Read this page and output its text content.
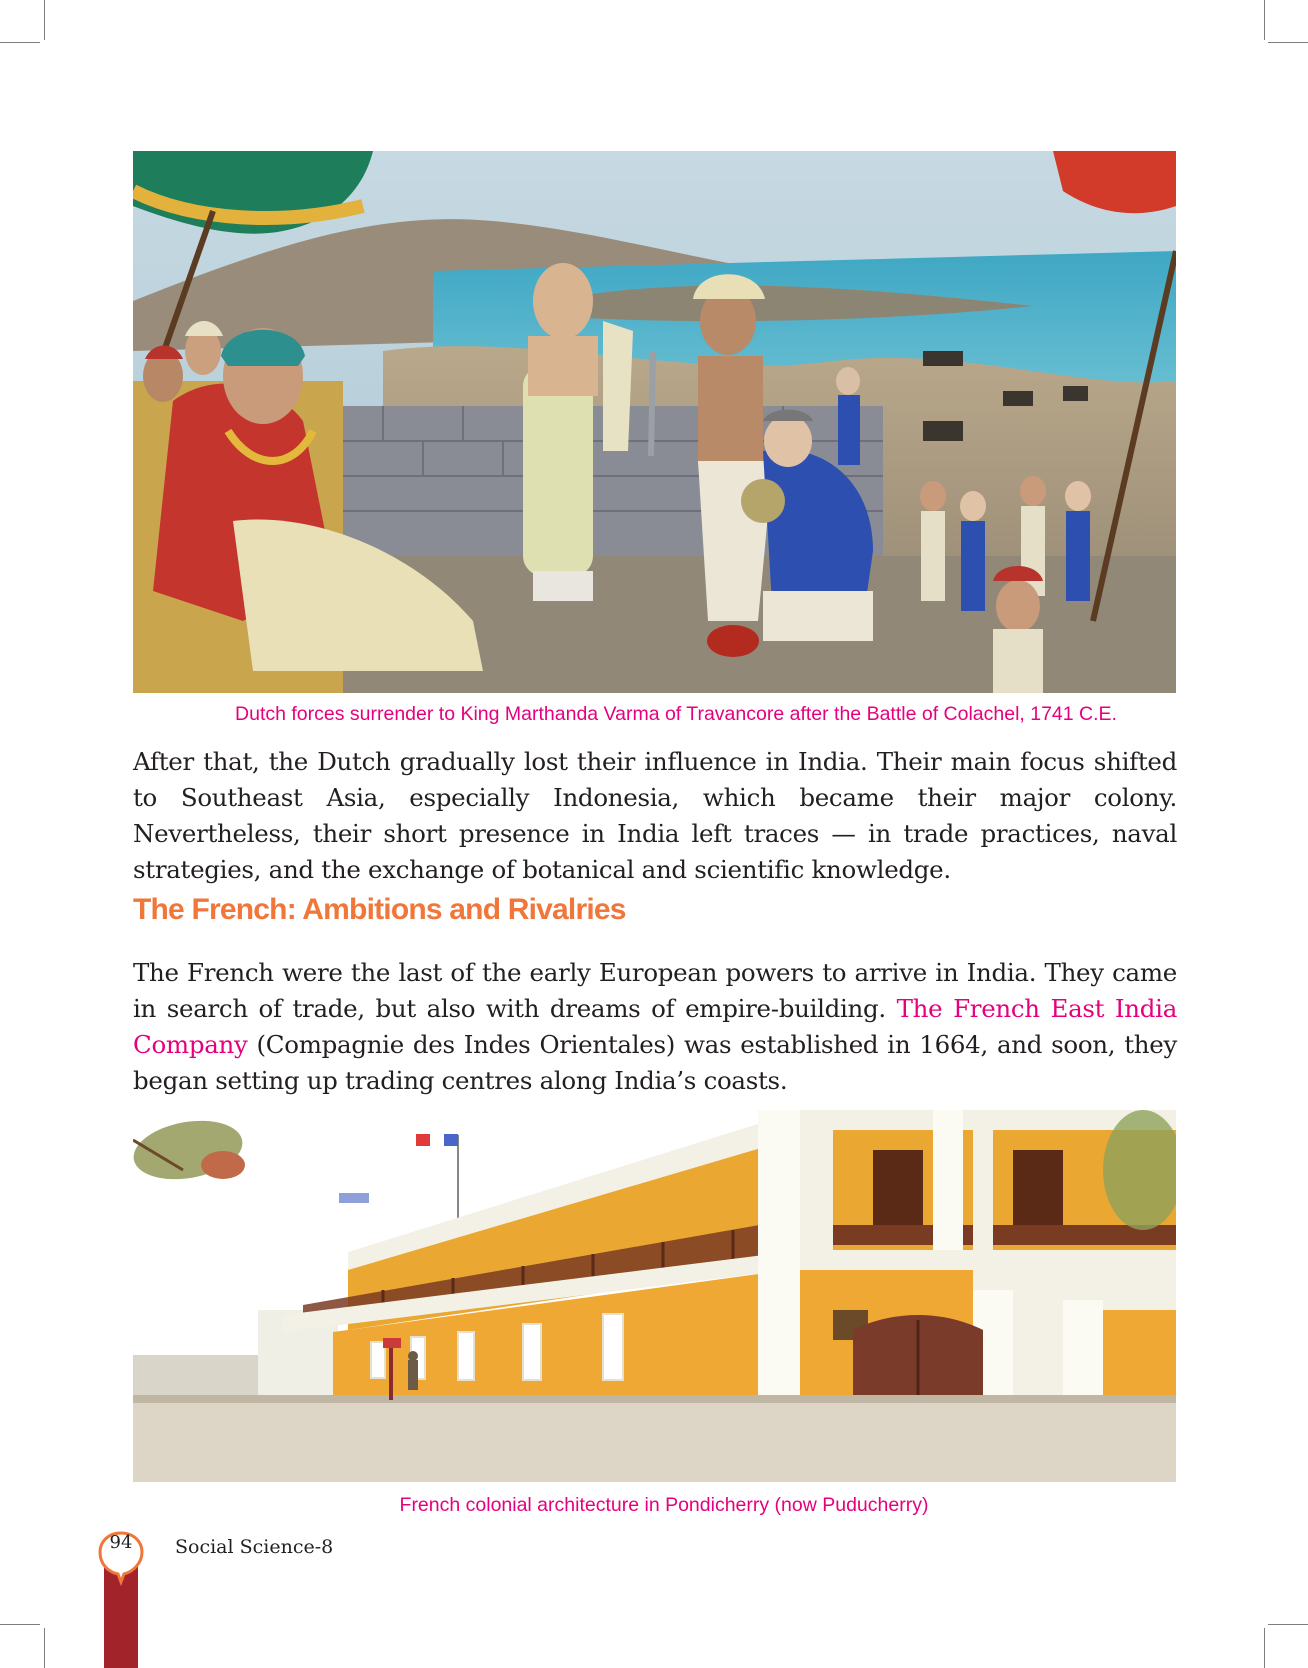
Dutch forces surrender to King Marthanda Varma of Travancore after the Battle of Colachel, 1741 C.E.

After that, the Dutch gradually lost their influence in India. Their main focus shifted to Southeast Asia, especially Indonesia, which became their major colony. Nevertheless, their short presence in India left traces — in trade practices, naval strategies, and the exchange of botanical and scientific knowledge.

The French: Ambitions and Rivalries

The French were the last of the early European powers to arrive in India. They came in search of trade, but also with dreams of empire-building. The French East India Company (Compagnie des Indes Orientales) was established in 1664, and soon, they began setting up trading centres along India’s coasts.

French colonial architecture in Pondicherry (now Puducherry)
94	Social Science-8
